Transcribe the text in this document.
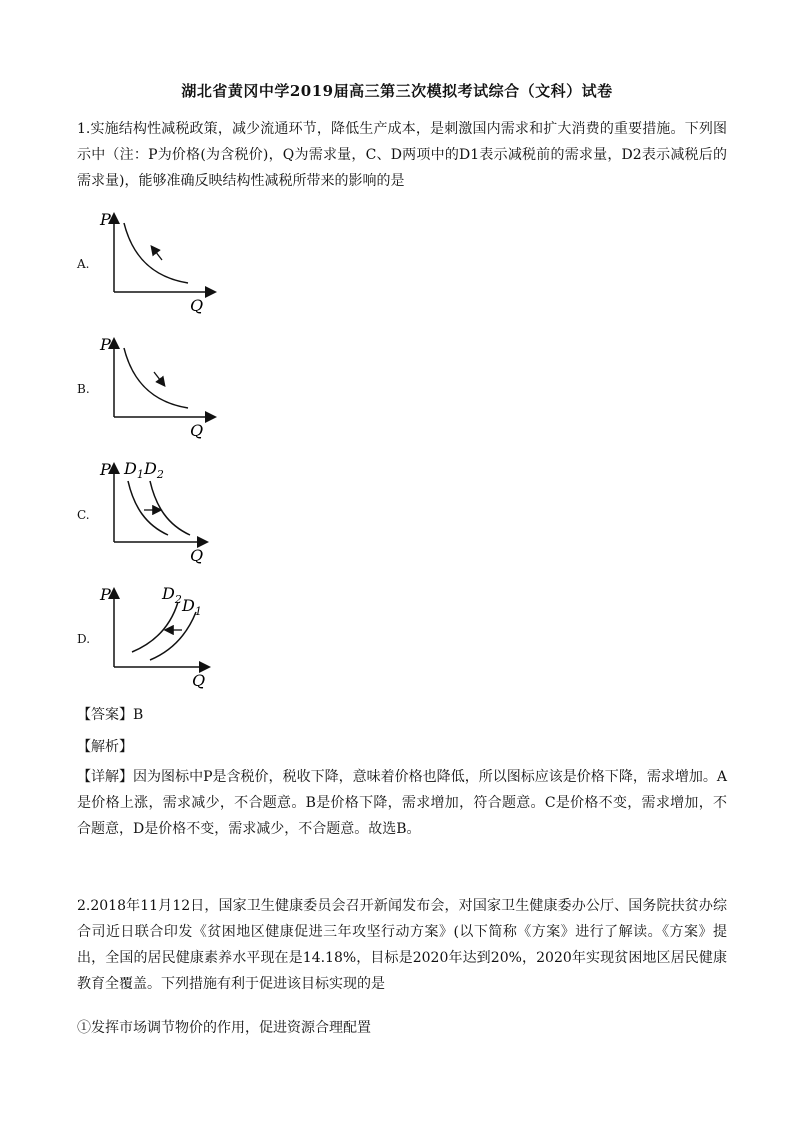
湖北省黄冈中学2019届高三第三次模拟考试综合（文科）试卷

1.实施结构性减税政策，减少流通环节，降低生产成本，是刺激国内需求和扩大消费的重要措施。下列图示中（注：P为价格(为含税价)，Q为需求量，C、D两项中的D1表示减税前的需求量，D2表示减税后的需求量)，能够准确反映结构性减税所带来的影响的是

A.
P
Q
B.
P
Q
C.
P
Q
$D_1$ $D_2$
D.
P
Q
$D_2$ $D_1$

【答案】B

【解析】

【详解】因为图标中P是含税价，税收下降，意味着价格也降低，所以图标应该是价格下降，需求增加。A是价格上涨，需求减少，不合题意。B是价格下降，需求增加，符合题意。C是价格不变，需求增加，不合题意，D是价格不变，需求减少，不合题意。故选B。

2.2018年11月12日，国家卫生健康委员会召开新闻发布会，对国家卫生健康委办公厅、国务院扶贫办综合司近日联合印发《贫困地区健康促进三年攻坚行动方案》(以下简称《方案》进行了解读。《方案》提出，全国的居民健康素养水平现在是14.18%，目标是2020年达到20%，2020年实现贫困地区居民健康教育全覆盖。下列措施有利于促进该目标实现的是

①发挥市场调节物价的作用，促进资源合理配置
